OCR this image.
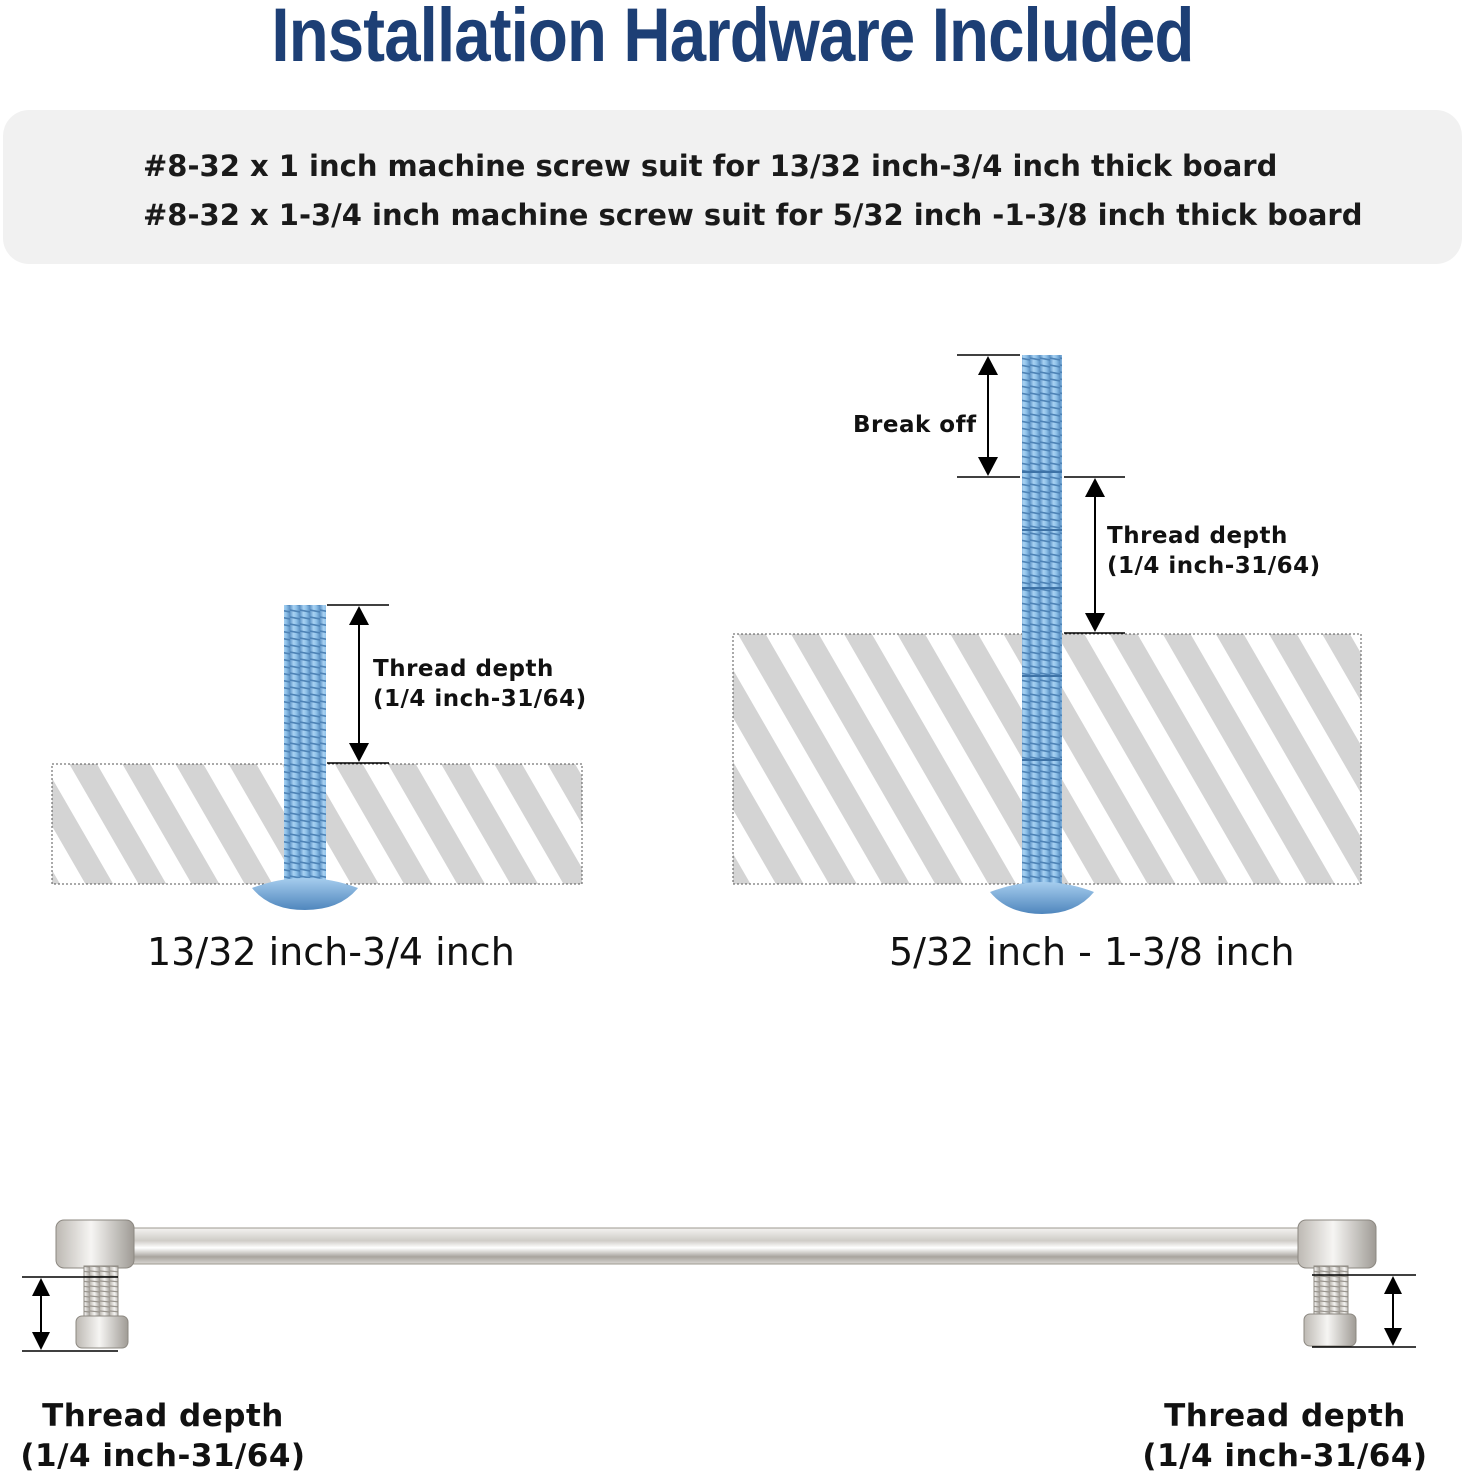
Installation Hardware Included
#8-32 x 1 inch machine screw suit for 13/32 inch-3/4 inch thick board
#8-32 x 1-3/4 inch machine screw suit for 5/32 inch -1-3/8 inch thick board
Thread depth
(1/4 inch-31/64)
13/32 inch-3/4 inch
Break off
Thread depth
(1/4 inch-31/64)
5/32 inch - 1-3/8 inch
Thread depth
(1/4 inch-31/64)
Thread depth
(1/4 inch-31/64)
